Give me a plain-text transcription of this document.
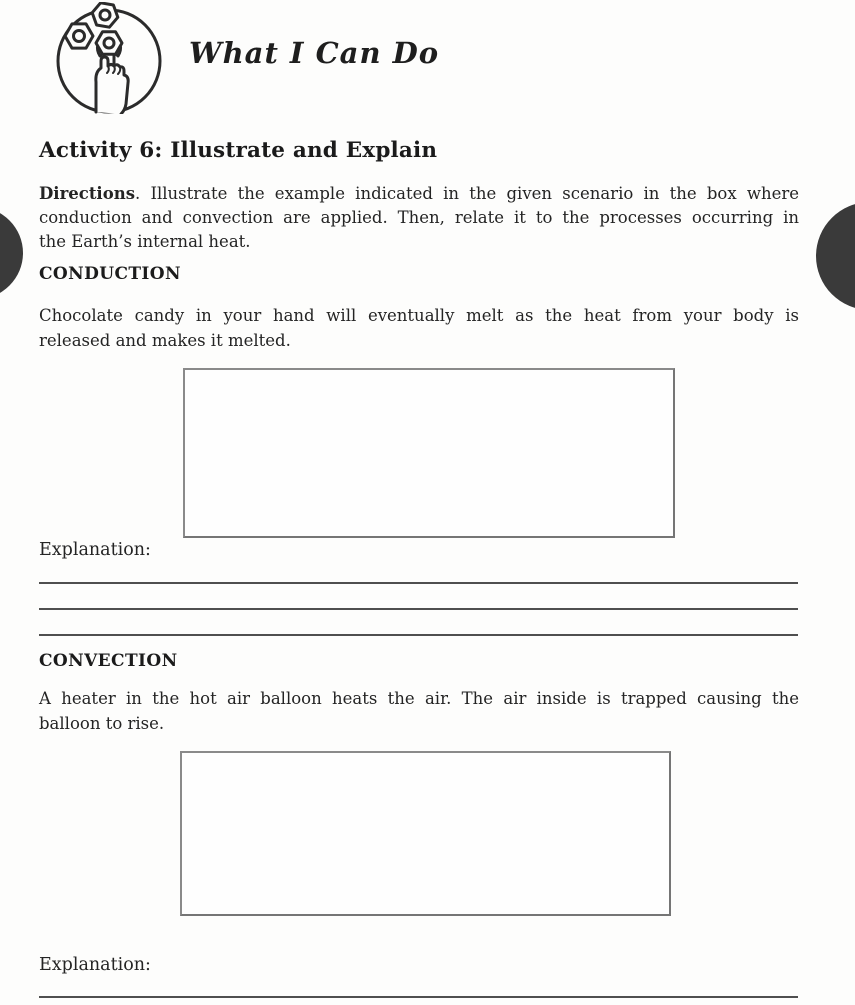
What I Can Do
Activity 6: Illustrate and Explain
Directions. Illustrate the example indicated in the given scenario in the box where
conduction and convection are applied. Then, relate it to the processes occurring in
the Earth’s internal heat.
CONDUCTION
Chocolate candy in your hand will eventually melt as the heat from your body is
released and makes it melted.
Explanation:
CONVECTION
A heater in the hot air balloon heats the air. The air inside is trapped causing the
balloon to rise.
Explanation:
